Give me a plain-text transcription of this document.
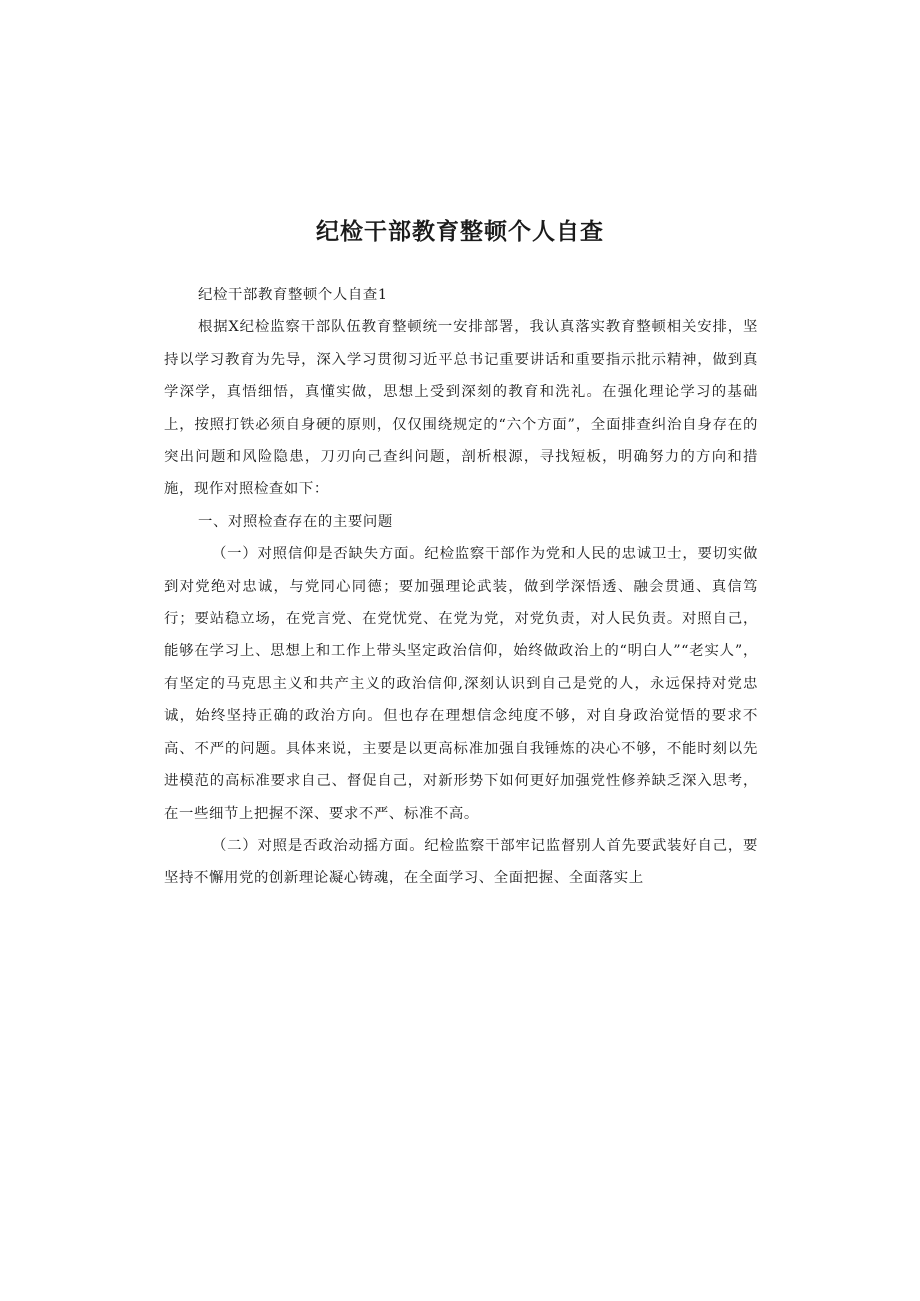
纪检干部教育整顿个人自查

纪检干部教育整顿个人自查1

根据X纪检监察干部队伍教育整顿统一安排部署，我认真落实教育整顿相关安排，坚持以学习教育为先导，深入学习贯彻习近平总书记重要讲话和重要指示批示精神，做到真学深学，真悟细悟，真懂实做，思想上受到深刻的教育和洗礼。在强化理论学习的基础上，按照打铁必须自身硬的原则，仅仅围绕规定的“六个方面”，全面排查纠治自身存在的突出问题和风险隐患，刀刃向己查纠问题，剖析根源，寻找短板，明确努力的方向和措施，现作对照检查如下：

一、对照检查存在的主要问题

（一）对照信仰是否缺失方面。纪检监察干部作为党和人民的忠诚卫士，要切实做到对党绝对忠诚，与党同心同德；要加强理论武装，做到学深悟透、融会贯通、真信笃行；要站稳立场，在党言党、在党忧党、在党为党，对党负责，对人民负责。对照自己，能够在学习上、思想上和工作上带头坚定政治信仰，始终做政治上的“明白人”“老实人”，有坚定的马克思主义和共产主义的政治信仰,深刻认识到自己是党的人，永远保持对党忠诚，始终坚持正确的政治方向。但也存在理想信念纯度不够，对自身政治觉悟的要求不高、不严的问题。具体来说，主要是以更高标准加强自我锤炼的决心不够，不能时刻以先进模范的高标准要求自己、督促自己，对新形势下如何更好加强党性修养缺乏深入思考，在一些细节上把握不深、要求不严、标准不高。

（二）对照是否政治动摇方面。纪检监察干部牢记监督别人首先要武装好自己，要坚持不懈用党的创新理论凝心铸魂，在全面学习、全面把握、全面落实上
